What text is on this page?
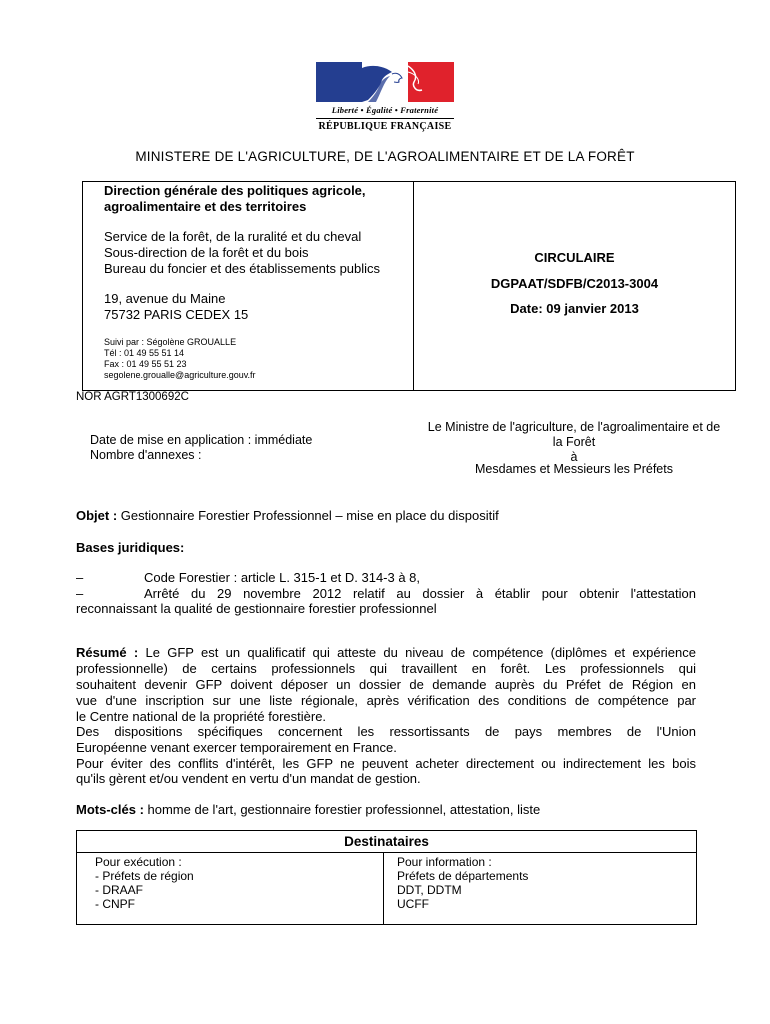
Liberté • Égalité • Fraternité
RÉPUBLIQUE FRANÇAISE
MINISTERE DE L'AGRICULTURE, DE L'AGROALIMENTAIRE ET DE LA FORÊT
Direction générale des politiques agricole,
agroalimentaire et des territoires
Service de la forêt, de la ruralité et du cheval
Sous-direction de la forêt et du bois
Bureau du foncier et des établissements publics
19, avenue du Maine
75732 PARIS CEDEX 15
Suivi par : Ségolène GROUALLE
Tél : 01 49 55 51 14
Fax : 01 49 55 51 23
segolene.groualle@agriculture.gouv.fr
CIRCULAIRE
DGPAAT/SDFB/C2013-3004
Date: 09 janvier 2013
NOR AGRT1300692C
Date de mise en application : immédiate
Nombre d'annexes :
Le Ministre de l'agriculture, de l'agroalimentaire et de
la Forêt
à
Mesdames et Messieurs les Préfets
Objet : Gestionnaire Forestier Professionnel – mise en place du dispositif
Bases juridiques:
–	Code Forestier : article L. 315-1 et D. 314-3 à 8,
–	Arrêté du 29 novembre 2012 relatif au dossier à établir pour obtenir l'attestation
reconnaissant la qualité de gestionnaire forestier professionnel
Résumé : Le GFP est un qualificatif qui atteste du niveau de compétence (diplômes et expérience
professionnelle) de certains professionnels qui travaillent en forêt. Les professionnels qui
souhaitent devenir GFP doivent déposer un dossier de demande auprès du Préfet de Région en
vue d'une inscription sur une liste régionale, après vérification des conditions de compétence par
le Centre national de la propriété forestière.
Des dispositions spécifiques concernent les ressortissants de pays membres de l'Union
Européenne venant exercer temporairement en France.
Pour éviter des conflits d'intérêt, les GFP ne peuvent acheter directement ou indirectement les bois
qu'ils gèrent et/ou vendent en vertu d'un mandat de gestion.
Mots-clés : homme de l'art, gestionnaire forestier professionnel, attestation, liste
Destinataires
Pour exécution :
- Préfets de région
- DRAAF
- CNPF
Pour information :
Préfets de départements
DDT, DDTM
UCFF
